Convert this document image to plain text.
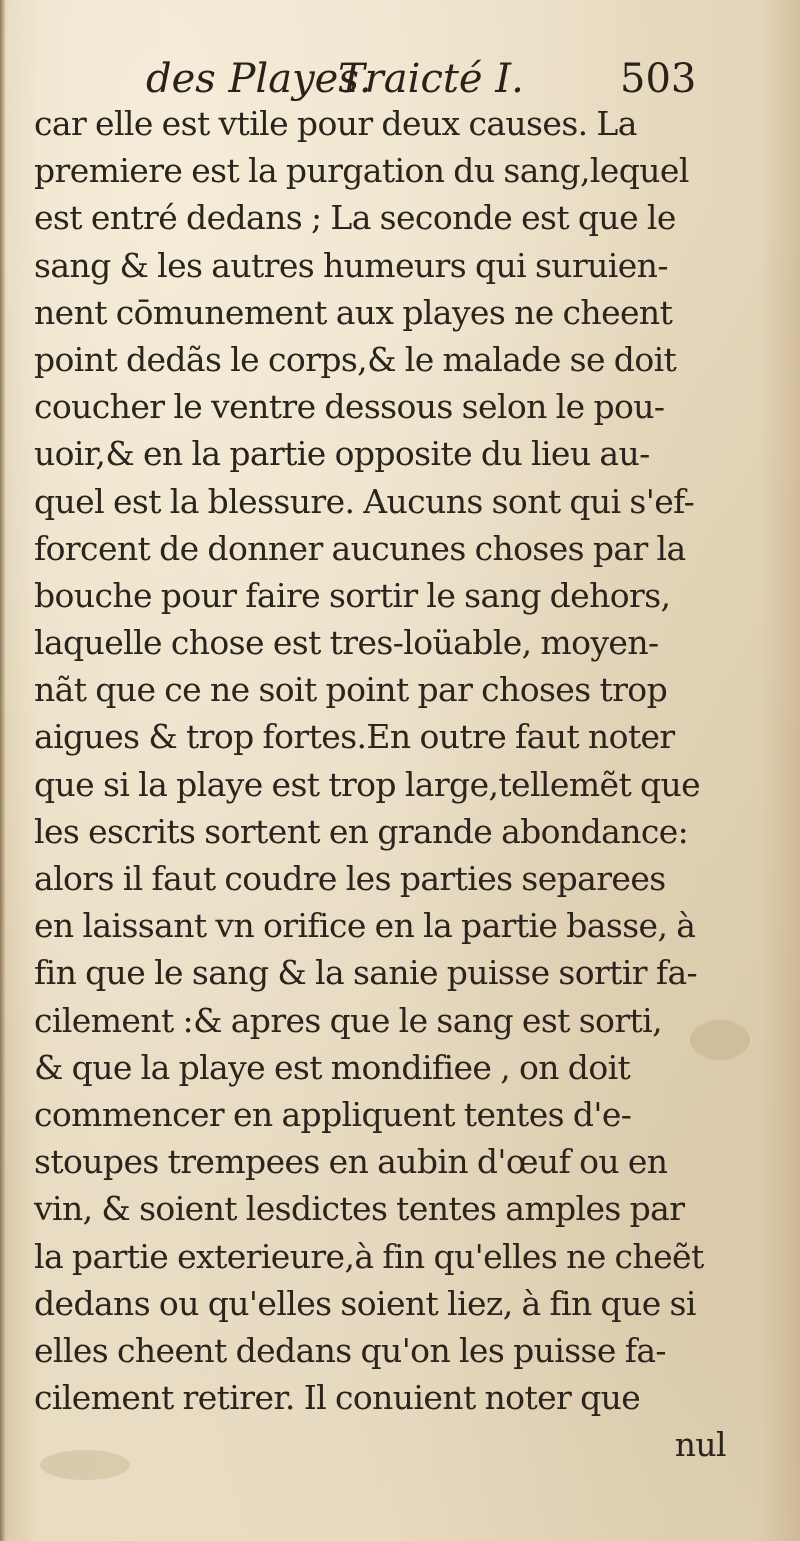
des Playes.
Traicté I. 503
car elle est vtile pour deux causes. La
premiere est la purgation du sang,lequel
est entré dedans ; La seconde est que le
sang & les autres humeurs qui suruien-
nent cōmunement aux playes ne cheent
point dedãs le corps,& le malade se doit
coucher le ventre dessous selon le pou-
uoir,& en la partie opposite du lieu au-
quel est la blessure. Aucuns sont qui s'ef-
forcent de donner aucunes choses par la
bouche pour faire sortir le sang dehors,
laquelle chose est tres-loüable, moyen-
nãt que ce ne soit point par choses trop
aigues & trop fortes.En outre faut noter
que si la playe est trop large,tellemẽt que
les escrits sortent en grande abondance:
alors il faut coudre les parties separees
en laissant vn orifice en la partie basse, à
fin que le sang & la sanie puisse sortir fa-
cilement :& apres que le sang est sorti,
& que la playe est mondifiee , on doit
commencer en appliquent tentes d'e-
stoupes trempees en aubin d'œuf ou en
vin, & soient lesdictes tentes amples par
la partie exterieure,à fin qu'elles ne cheẽt
dedans ou qu'elles soient liez, à fin que si
elles cheent dedans qu'on les puisse fa-
cilement retirer. Il conuient noter que
nul
